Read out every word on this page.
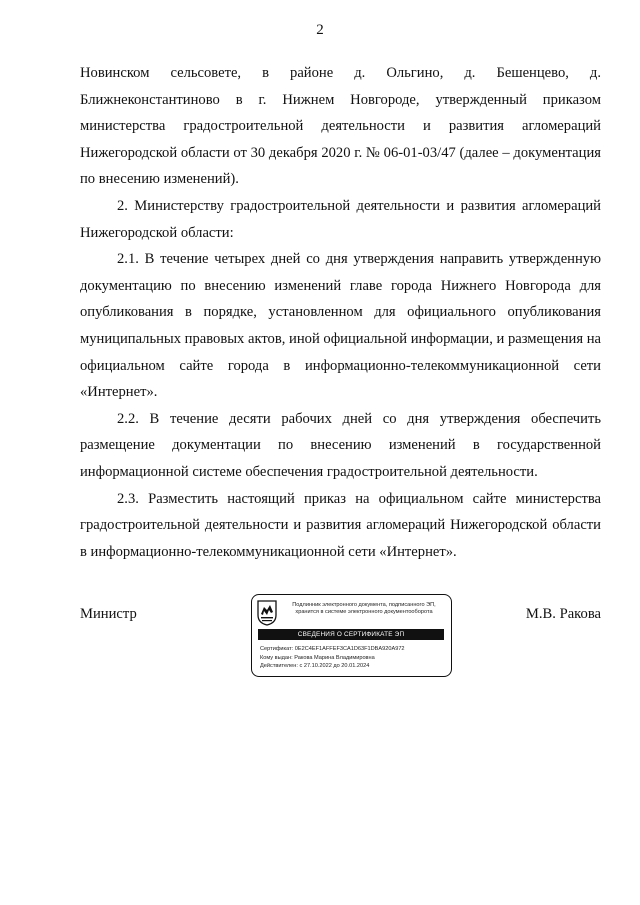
2

Новинском сельсовете, в районе д. Ольгино, д. Бешенцево, д. Ближнеконстантиново в г. Нижнем Новгороде, утвержденный приказом министерства градостроительной деятельности и развития агломераций Нижегородской области от 30 декабря 2020 г. № 06-01-03/47 (далее – документация по внесению изменений).

2. Министерству градостроительной деятельности и развития агломераций Нижегородской области:

2.1. В течение четырех дней со дня утверждения направить утвержденную документацию по внесению изменений главе города Нижнего Новгорода для опубликования в порядке, установленном для официального опубликования муниципальных правовых актов, иной официальной информации, и размещения на официальном сайте города в информационно-телекоммуникационной сети «Интернет».

2.2. В течение десяти рабочих дней со дня утверждения обеспечить размещение документации по внесению изменений в государственной информационной системе обеспечения градостроительной деятельности.

2.3. Разместить настоящий приказ на официальном сайте министерства градостроительной деятельности и развития агломераций Нижегородской области в информационно-телекоммуникационной сети «Интернет».

Министр	М.В. Ракова
Подлинник электронного документа, подписанного ЭП, хранится в системе электронного документооборота
СВЕДЕНИЯ О СЕРТИФИКАТЕ ЭП
Сертификат: 0E2C4EF1AFFEF3CA1D63F1DBA920A972
Кому выдан: Ракова Марина Владимировна
Действителен: с 27.10.2022 до 20.01.2024
